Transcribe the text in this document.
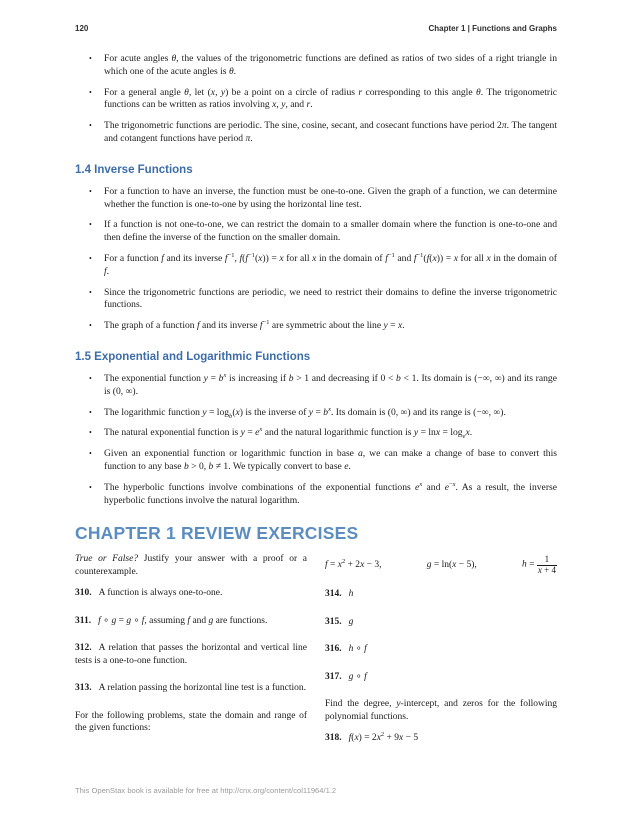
120	Chapter 1 | Functions and Graphs
•	For acute angles θ, the values of the trigonometric functions are defined as ratios of two sides of a right triangle in which one of the acute angles is θ.
•	For a general angle θ, let (x, y) be a point on a circle of radius r corresponding to this angle θ. The trigonometric functions can be written as ratios involving x, y, and r.
•	The trigonometric functions are periodic. The sine, cosine, secant, and cosecant functions have period 2π. The tangent and cotangent functions have period π.
1.4 Inverse Functions
•	For a function to have an inverse, the function must be one-to-one. Given the graph of a function, we can determine whether the function is one-to-one by using the horizontal line test.
•	If a function is not one-to-one, we can restrict the domain to a smaller domain where the function is one-to-one and then define the inverse of the function on the smaller domain.
•	For a function f and its inverse $f^{-1}$, $f(f^{-1}(x)) = x$ for all x in the domain of $f^{-1}$ and $f^{-1}(f(x)) = x$ for all x in the domain of f.
•	Since the trigonometric functions are periodic, we need to restrict their domains to define the inverse trigonometric functions.
•	The graph of a function f and its inverse $f^{-1}$ are symmetric about the line y = x.
1.5 Exponential and Logarithmic Functions
•	The exponential function $y = b^x$ is increasing if b > 1 and decreasing if 0 < b < 1. Its domain is (−∞, ∞) and its range is (0, ∞).
•	The logarithmic function $y = \log_b(x)$ is the inverse of $y = b^x$. Its domain is (0, ∞) and its range is (−∞, ∞).
•	The natural exponential function is $y = e^x$ and the natural logarithmic function is $y = \ln x = \log_ex$.
•	Given an exponential function or logarithmic function in base a, we can make a change of base to convert this function to any base b > 0, b ≠ 1. We typically convert to base e.
•	The hyperbolic functions involve combinations of the exponential functions $e^x$ and $e^{-x}$. As a result, the inverse hyperbolic functions involve the natural logarithm.
CHAPTER 1 REVIEW EXERCISES

True or False? Justify your answer with a proof or a counterexample.

310. A function is always one-to-one.
311. f ∘ g = g ∘ f, assuming f and g are functions.
312. A relation that passes the horizontal and vertical line tests is a one-to-one function.
313. A relation passing the horizontal line test is a function.

For the following problems, state the domain and range of the given functions:

$f = x^2 + 2x - 3$,	g = ln(x − 5),	$h = \frac{1}{x + 4}$
314. h
315. g
316. h ∘ f
317. g ∘ f

Find the degree, y-intercept, and zeros for the following polynomial functions.

318. $f(x) = 2x^2 + 9x - 5$
This OpenStax book is available for free at http://cnx.org/content/col11964/1.2
